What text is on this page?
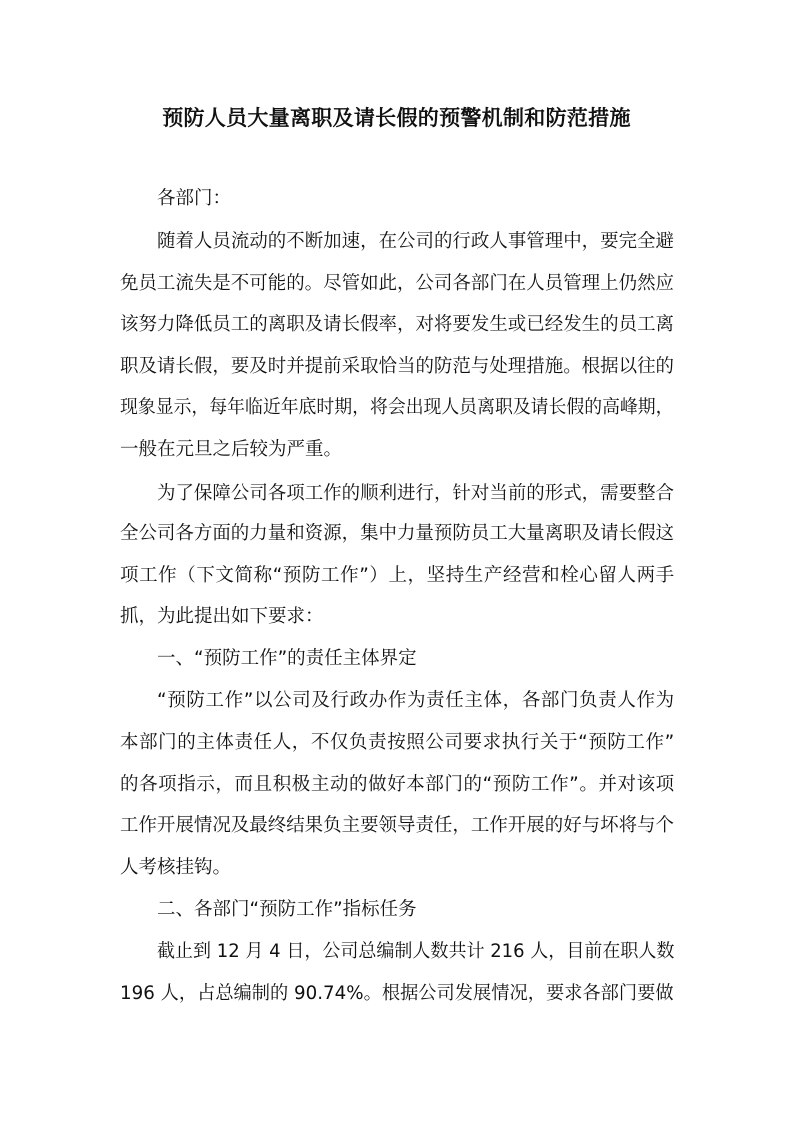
预防人员大量离职及请长假的预警机制和防范措施
各部门：
随着人员流动的不断加速，在公司的行政人事管理中，要完全避
免员工流失是不可能的。尽管如此，公司各部门在人员管理上仍然应
该努力降低员工的离职及请长假率，对将要发生或已经发生的员工离
职及请长假，要及时并提前采取恰当的防范与处理措施。根据以往的
现象显示，每年临近年底时期，将会出现人员离职及请长假的高峰期，
一般在元旦之后较为严重。
为了保障公司各项工作的顺利进行，针对当前的形式，需要整合
全公司各方面的力量和资源，集中力量预防员工大量离职及请长假这
项工作（下文简称“预防工作”）上，坚持生产经营和栓心留人两手
抓，为此提出如下要求：
一、“预防工作”的责任主体界定
“预防工作”以公司及行政办作为责任主体，各部门负责人作为
本部门的主体责任人，不仅负责按照公司要求执行关于“预防工作”
的各项指示，而且积极主动的做好本部门的“预防工作”。并对该项
工作开展情况及最终结果负主要领导责任，工作开展的好与坏将与个
人考核挂钩。
二、各部门“预防工作”指标任务
截止到 12 月 4 日，公司总编制人数共计 216 人，目前在职人数
196 人，占总编制的 90.74%。根据公司发展情况，要求各部门要做
